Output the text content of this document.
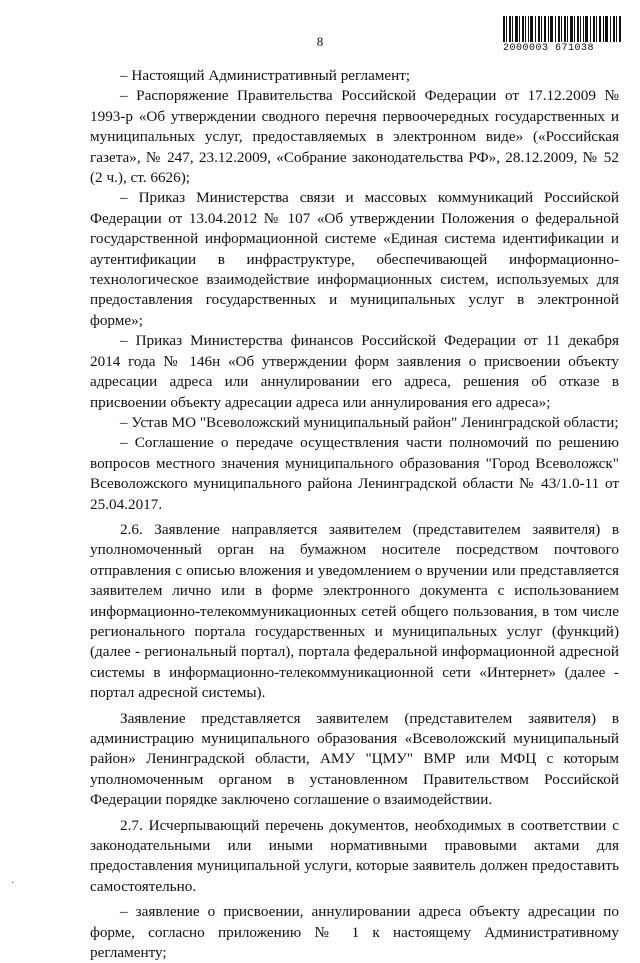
8	2000003 671038

– Настоящий Административный регламент;

– Распоряжение Правительства Российской Федерации от 17.12.2009 № 1993-р «Об утверждении сводного перечня первоочередных государственных и муниципальных услуг, предоставляемых в электронном виде» («Российская газета», № 247, 23.12.2009, «Собрание законодательства РФ», 28.12.2009, № 52 (2 ч.), ст. 6626);

– Приказ Министерства связи и массовых коммуникаций Российской Федерации от 13.04.2012 № 107 «Об утверждении Положения о федеральной государственной информационной системе «Единая система идентификации и аутентификации в инфраструктуре, обеспечивающей информационно-технологическое взаимодействие информационных систем, используемых для предоставления государственных и муниципальных услуг в электронной форме»;

– Приказ Министерства финансов Российской Федерации от 11 декабря 2014 года № 146н «Об утверждении форм заявления о присвоении объекту адресации адреса или аннулировании его адреса, решения об отказе в присвоении объекту адресации адреса или аннулирования его адреса»;

– Устав МО "Всеволожский муниципальный район" Ленинградской области;

– Соглашение о передаче осуществления части полномочий по решению вопросов местного значения муниципального образования "Город Всеволожск" Всеволожского муниципального района Ленинградской области № 43/1.0-11 от 25.04.2017.

2.6. Заявление направляется заявителем (представителем заявителя) в уполномоченный орган на бумажном носителе посредством почтового отправления с описью вложения и уведомлением о вручении или представляется заявителем лично или в форме электронного документа с использованием информационно-телекоммуникационных сетей общего пользования, в том числе регионального портала государственных и муниципальных услуг (функций) (далее - региональный портал), портала федеральной информационной адресной системы в информационно-телекоммуникационной сети «Интернет» (далее - портал адресной системы).

Заявление представляется заявителем (представителем заявителя) в администрацию муниципального образования «Всеволожский муниципальный район» Ленинградской области, АМУ "ЦМУ" ВМР или МФЦ с которым уполномоченным органом в установленном Правительством Российской Федерации порядке заключено соглашение о взаимодействии.

2.7. Исчерпывающий перечень документов, необходимых в соответствии с законодательными или иными нормативными правовыми актами для предоставления муниципальной услуги, которые заявитель должен предоставить самостоятельно.

– заявление о присвоении, аннулировании адреса объекту адресации по форме, согласно приложению № 1 к настоящему Административному регламенту;

·
